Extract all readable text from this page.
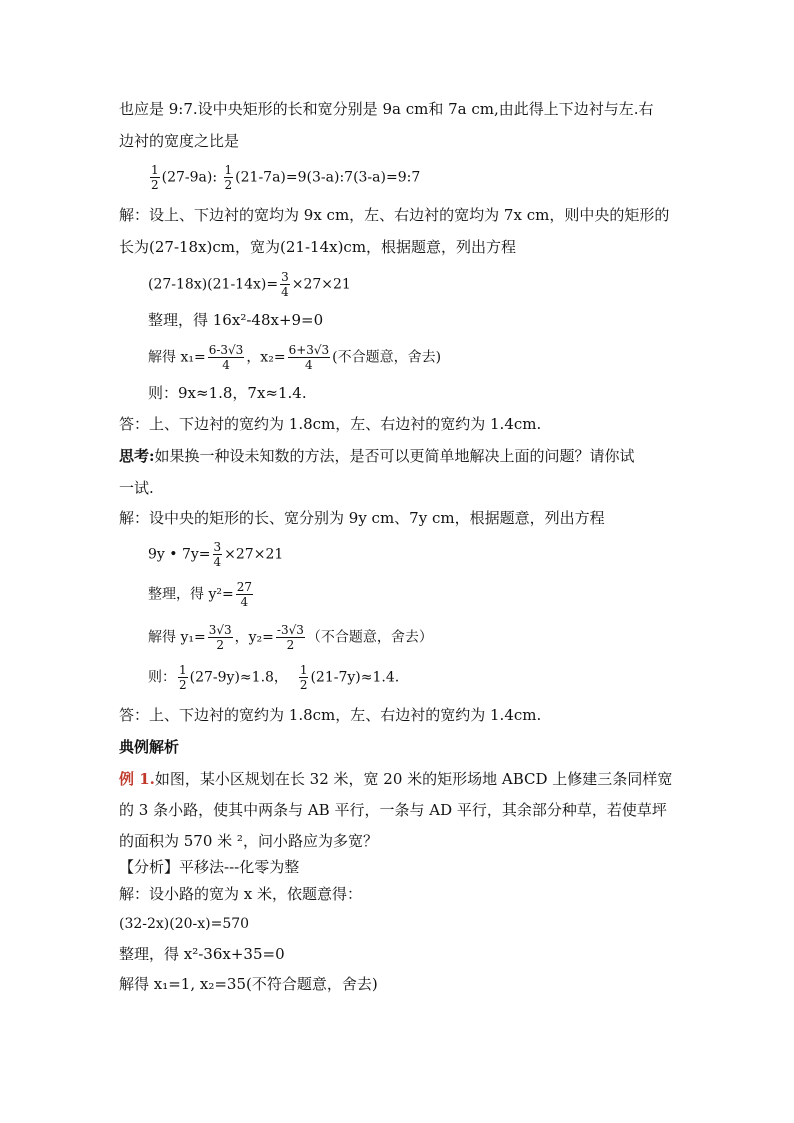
也应是 9:7.设中央矩形的长和宽分别是 9a cm和 7a cm,由此得上下边衬与左.右
边衬的宽度之比是
$\frac{1}{2} (27-9a)$: $\frac{1}{2}$ (21-7a)=9(3-a):7(3-a)=9:7
解：设上、下边衬的宽均为 9x cm，左、右边衬的宽均为 7x cm，则中央的矩形的
长为(27-18x)cm，宽为(21-14x)cm，根据题意，列出方程
$(27-18x)(21-14x)= \frac{3}{4} \times 27\times 21$
整理，得 16x²-48x+9=0
解得 $x_1= \frac{6-3√3}{4}$ ，$x_2= \frac{6+3√3}{4}$ (不合题意，舍去)
则：9x≈1.8，7x≈1.4.
答：上、下边衬的宽约为 1.8cm，左、右边衬的宽约为 1.4cm.
思考:如果换一种设未知数的方法，是否可以更简单地解决上面的问题？请你试
一试.
解：设中央的矩形的长、宽分别为 9y cm、7y cm，根据题意，列出方程
9y • $7y= \frac{3}{4} \times 27\times 21$
整理，得 $y^2= \frac{27}{4}$
解得 $y_1= \frac{3√3}{2}$ ，$y_2= \frac{-3√3}{2}$ （不合题意，舍去）
则： $\frac{1}{2} (27-9y)\approx 1.8$， $\frac{1}{2} (21-7y)\approx 1.4$.
答：上、下边衬的宽约为 1.8cm，左、右边衬的宽约为 1.4cm.
典例解析
例 1.如图，某小区规划在长 32 米，宽 20 米的矩形场地 ABCD 上修建三条同样宽
的 3 条小路，使其中两条与 AB 平行，一条与 AD 平行，其余部分种草，若使草坪
的面积为 570 米 ²，问小路应为多宽？
【分析】平移法---化零为整
解：设小路的宽为 x 米，依题意得：
(32-2x)(20-x)=570
整理，得 x²-36x+35=0
解得 x₁=1, x₂=35(不符合题意，舍去)
